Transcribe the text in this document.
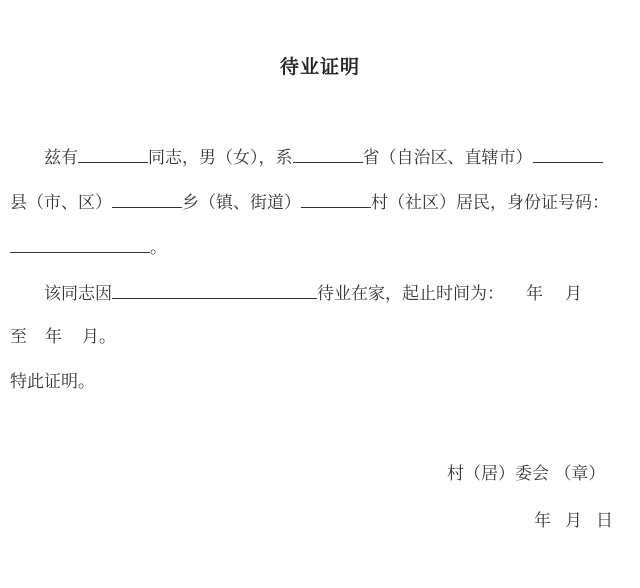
待业证明
兹有	同志，男（女），系	省（自治区、直辖市）
县（市、区）	乡（镇、街道）	村（社区）居民，身份证号码：
。
该同志因	待业在家，起止时间为： 年 月
至 年 月。
特此证明。
村（居）委会 （章）
年 月 日
